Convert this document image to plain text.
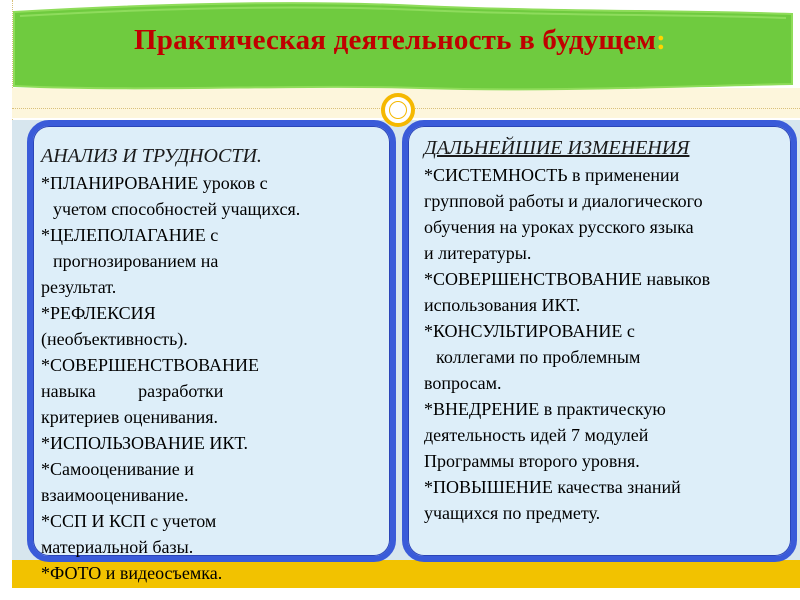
Практическая деятельность в будущем:
АНАЛИЗ И ТРУДНОСТИ.
*ПЛАНИРОВАНИЕ уроков с
учетом способностей учащихся.
*ЦЕЛЕПОЛАГАНИЕ с
прогнозированием на
результат.
*РЕФЛЕКСИЯ
(необъективность).
*СОВЕРШЕНСТВОВАНИЕ
навыка разработки
критериев оценивания.
*ИСПОЛЬЗОВАНИЕ ИКТ.
*Самооценивание и
взаимооценивание.
*ССП И КСП с учетом
материальной базы.
*ФОТО и видеосъемка.
ДАЛЬНЕЙШИЕ ИЗМЕНЕНИЯ
*СИСТЕМНОСТЬ в применении
групповой работы и диалогического
обучения на уроках русского языка
и литературы.
*СОВЕРШЕНСТВОВАНИЕ навыков
использования ИКТ.
*КОНСУЛЬТИРОВАНИЕ с
коллегами по проблемным
вопросам.
*ВНЕДРЕНИЕ в практическую
деятельность идей 7 модулей
Программы второго уровня.
*ПОВЫШЕНИЕ качества знаний
учащихся по предмету.
